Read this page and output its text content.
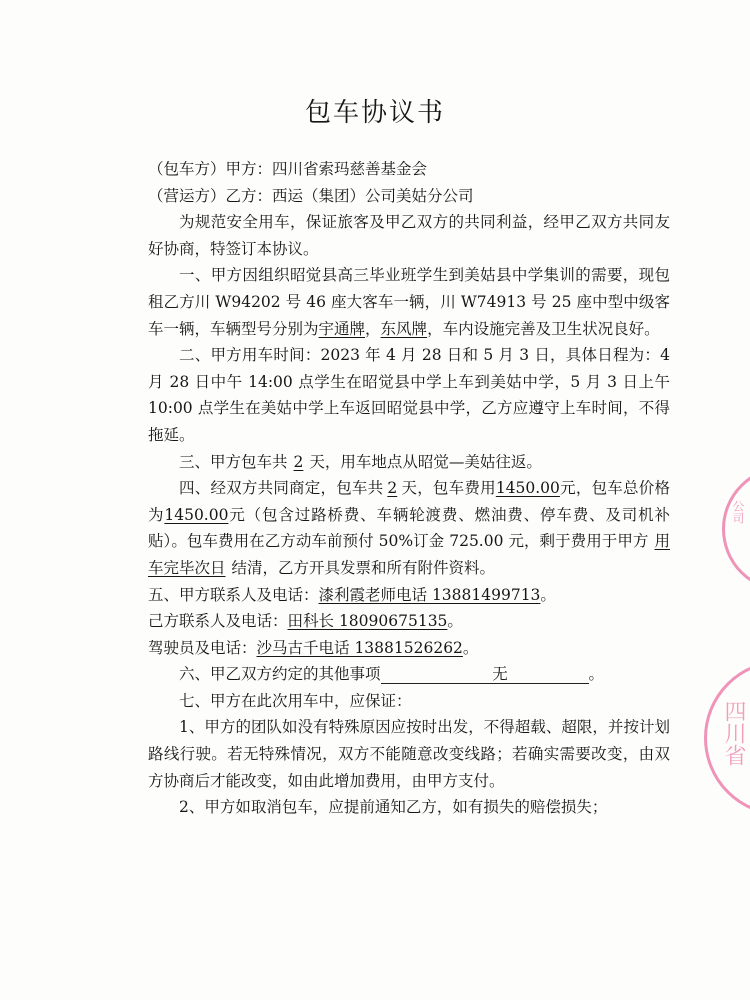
包车协议书

（包车方）甲方：四川省索玛慈善基金会

（营运方）乙方：西运（集团）公司美姑分公司

为规范安全用车，保证旅客及甲乙双方的共同利益，经甲乙双方共同友好协商，特签订本协议。

一、甲方因组织昭觉县高三毕业班学生到美姑县中学集训的需要，现包租乙方川 W94202 号 46 座大客车一辆，川 W74913 号 25 座中型中级客车一辆，车辆型号分别为宇通牌，东风牌，车内设施完善及卫生状况良好。

二、甲方用车时间：2023 年 4 月 28 日和 5 月 3 日，具体日程为：4 月 28 日中午 14:00 点学生在昭觉县中学上车到美姑中学，5 月 3 日上午 10:00 点学生在美姑中学上车返回昭觉县中学，乙方应遵守上车时间，不得拖延。

三、甲方包车共 2 天，用车地点从昭觉—美姑往返。

四、经双方共同商定，包车共 2 天，包车费用1450.00元，包车总价格为1450.00元（包含过路桥费、车辆轮渡费、燃油费、停车费、及司机补贴）。包车费用在乙方动车前预付 50%订金 725.00 元，剩于费用于甲方 用车完毕次日 结清，乙方开具发票和所有附件资料。

五、甲方联系人及电话：漆利霞老师电话 13881499713。

己方联系人及电话：田科长 18090675135。

驾驶员及电话：沙马古千电话 13881526262。

六、甲乙双方约定的其他事项	无	。

七、甲方在此次用车中，应保证：

1、甲方的团队如没有特殊原因应按时出发，不得超载、超限，并按计划路线行驶。若无特殊情况，双方不能随意改变线路；若确实需要改变，由双方协商后才能改变，如由此增加费用，由甲方支付。

2、甲方如取消包车，应提前通知乙方，如有损失的赔偿损失；

公司
四川省
